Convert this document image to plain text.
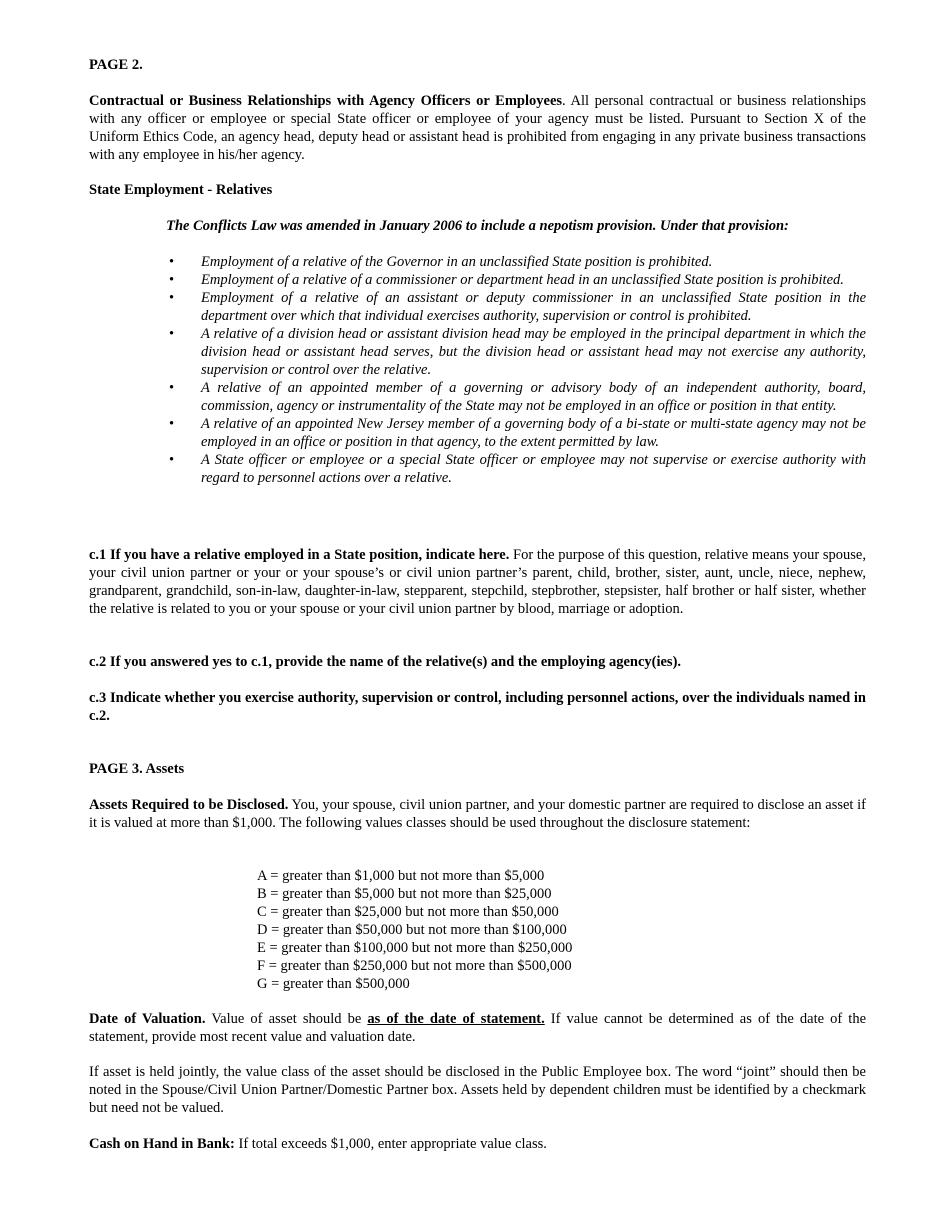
PAGE 2.

Contractual or Business Relationships with Agency Officers or Employees. All personal contractual or business relationships with any officer or employee or special State officer or employee of your agency must be listed. Pursuant to Section X of the Uniform Ethics Code, an agency head, deputy head or assistant head is prohibited from engaging in any private business transactions with any employee in his/her agency.

State Employment - Relatives

The Conflicts Law was amended in January 2006 to include a nepotism provision. Under that provision:

• Employment of a relative of the Governor in an unclassified State position is prohibited.
• Employment of a relative of a commissioner or department head in an unclassified State position is prohibited.
• Employment of a relative of an assistant or deputy commissioner in an unclassified State position in the department over which that individual exercises authority, supervision or control is prohibited.
• A relative of a division head or assistant division head may be employed in the principal department in which the division head or assistant head serves, but the division head or assistant head may not exercise any authority, supervision or control over the relative.
• A relative of an appointed member of a governing or advisory body of an independent authority, board, commission, agency or instrumentality of the State may not be employed in an office or position in that entity.
• A relative of an appointed New Jersey member of a governing body of a bi-state or multi-state agency may not be employed in an office or position in that agency, to the extent permitted by law.
• A State officer or employee or a special State officer or employee may not supervise or exercise authority with regard to personnel actions over a relative.

c.1 If you have a relative employed in a State position, indicate here. For the purpose of this question, relative means your spouse, your civil union partner or your or your spouse’s or civil union partner’s parent, child, brother, sister, aunt, uncle, niece, nephew, grandparent, grandchild, son-in-law, daughter-in-law, stepparent, stepchild, stepbrother, stepsister, half brother or half sister, whether the relative is related to you or your spouse or your civil union partner by blood, marriage or adoption.

c.2 If you answered yes to c.1, provide the name of the relative(s) and the employing agency(ies).

c.3 Indicate whether you exercise authority, supervision or control, including personnel actions, over the individuals named in c.2.

PAGE 3. Assets

Assets Required to be Disclosed. You, your spouse, civil union partner, and your domestic partner are required to disclose an asset if it is valued at more than $1,000. The following values classes should be used throughout the disclosure statement:

A = greater than $1,000 but not more than $5,000
B = greater than $5,000 but not more than $25,000
C = greater than $25,000 but not more than $50,000
D = greater than $50,000 but not more than $100,000
E = greater than $100,000 but not more than $250,000
F = greater than $250,000 but not more than $500,000
G = greater than $500,000

Date of Valuation. Value of asset should be as of the date of statement. If value cannot be determined as of the date of the statement, provide most recent value and valuation date.

If asset is held jointly, the value class of the asset should be disclosed in the Public Employee box. The word “joint” should then be noted in the Spouse/Civil Union Partner/Domestic Partner box. Assets held by dependent children must be identified by a checkmark but need not be valued.

Cash on Hand in Bank: If total exceeds $1,000, enter appropriate value class.
